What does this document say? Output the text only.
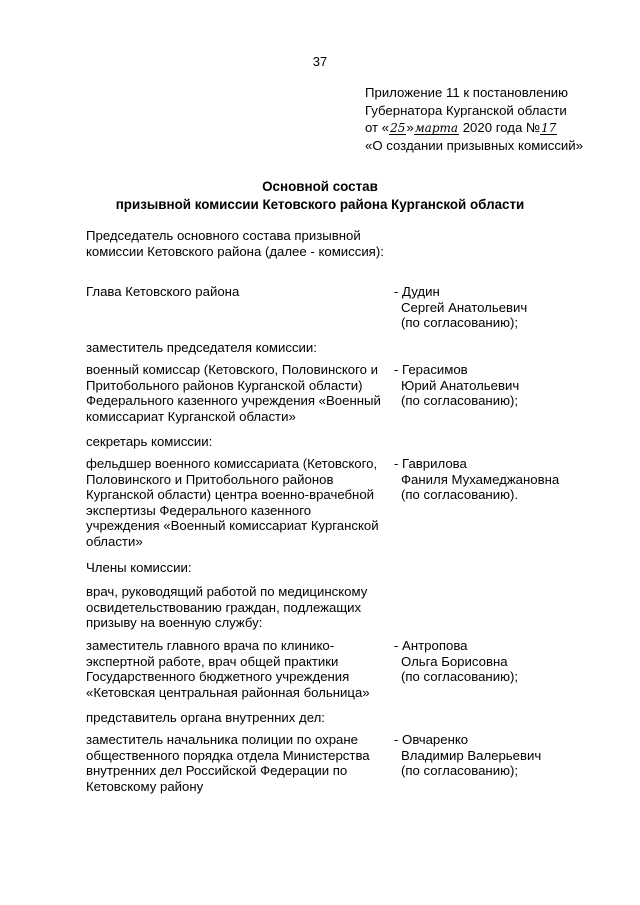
37
Приложение 11 к постановлению
Губернатора Курганской области
от «25»марта 2020 года №17
«О создании призывных комиссий»
Основной состав
призывной комиссии Кетовского района Курганской области
Председатель основного состава призывной комиссии Кетовского района (далее - комиссия):
Глава Кетовского района	- Дудин
Сергей Анатольевич
(по согласованию);
заместитель председателя комиссии:
военный комиссар (Кетовского, Половинского и Притобольного районов Курганской области) Федерального казенного учреждения «Военный комиссариат Курганской области»
- Герасимов
Юрий Анатольевич
(по согласованию);
секретарь комиссии:
фельдшер военного комиссариата (Кетовского, Половинского и Притобольного районов Курганской области) центра военно-врачебной экспертизы Федерального казенного учреждения «Военный комиссариат Курганской области»
- Гаврилова
Фаниля Мухамеджановна
(по согласованию).
Члены комиссии:
врач, руководящий работой по медицинскому освидетельствованию граждан, подлежащих призыву на военную службу:
заместитель главного врача по клинико-экспертной работе, врач общей практики Государственного бюджетного учреждения «Кетовская центральная районная больница»
- Антропова
Ольга Борисовна
(по согласованию);
представитель органа внутренних дел:
заместитель начальника полиции по охране общественного порядка отдела Министерства внутренних дел Российской Федерации по Кетовскому району
- Овчаренко
Владимир Валерьевич
(по согласованию);
